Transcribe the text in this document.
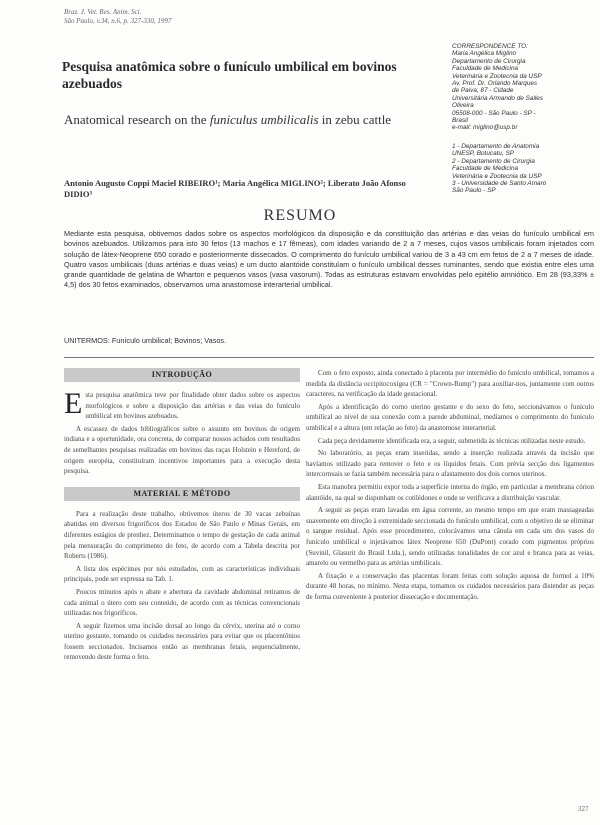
Braz. J. Vet. Res. Anim. Sci.
São Paulo, v.34, n.6, p. 327-330, 1997
Pesquisa anatômica sobre o funículo umbilical em bovinos azebuados
Anatomical research on the funiculus umbilicalis in zebu cattle
CORRESPONDENCE TO:
Maria Angélica Miglino
Departamento de Cirurgia
Faculdade de Medicina
Veterinária e Zootecnia da USP
Av. Prof. Dr. Orlando Marques
de Paiva, 87 - Cidade
Universitária Armando de Salles
Oliveira
05508-000 - São Paulo - SP -
Brasil
e-mail: miglino@usp.br
1 - Departamento de Anatomia
UNESP, Botucatu, SP
2 - Departamento de Cirurgia
Faculdade de Medicina
Veterinária e Zootecnia da USP
3 - Universidade de Santo Amaro
São Paulo - SP
Antonio Augusto Coppi Maciel RIBEIRO¹; Maria Angélica MIGLINO²; Liberato João Afonso DIDIO³
RESUMO
Mediante esta pesquisa, obtivemos dados sobre os aspectos morfológicos da disposição e da constituição das artérias e das veias do funículo umbilical em bovinos azebuados. Utilizamos para isto 30 fetos (13 machos e 17 fêmeas), com idades variando de 2 a 7 meses, cujos vasos umbilicais foram injetados com solução de látex-Neoprene 650 corado e posteriormente dissecados. O comprimento do funículo umbilical variou de 3 a 43 cm em fetos de 2 a 7 meses de idade. Quatro vasos umbilicais (duas artérias e duas veias) e um ducto alantóide constituíam o funículo umbilical desses ruminantes, sendo que existia entre eles uma grande quantidade de gelatina de Wharton e pequenos vasos (vasa vasorum). Todas as estruturas estavam envolvidas pelo epitélio amniótico. Em 28 (93,33% ± 4,5) dos 30 fetos examinados, observamos uma anastomose interarterial umbilical.
UNITERMOS: Funículo umbilical; Bovinos; Vasos.
INTRODUÇÃO

Esta pesquisa anatômica teve por finalidade obter dados sobre os aspectos morfológicos e sobre a disposição das artérias e das veias do funículo umbilical em bovinos azebuados.

A escassez de dados bibliográficos sobre o assunto em bovinos de origem indiana e a oportunidade, ora concreta, de comparar nossos achados com resultados de semelhantes pesquisas realizadas em bovinos das raças Holstein e Hereford, de origem européia, constituíram incentivos importantes para a execução desta pesquisa.

MATERIAL E MÉTODO

Para a realização deste trabalho, obtivemos úteros de 30 vacas zebuínas abatidas em diversos frigoríficos dos Estados de São Paulo e Minas Gerais, em diferentes estágios de prenhez. Determinamos o tempo de gestação de cada animal pela mensuração do comprimento do feto, de acordo com a Tabela descrita por Roberts (1986).

A lista dos espécimes por nós estudados, com as características individuais principais, pode ser expressa na Tab. 1.

Poucos minutos após o abate e abertura da cavidade abdominal retiramos de cada animal o útero com seu conteúdo, de acordo com as técnicas convencionais utilizadas nos frigoríficos.

A seguir fizemos uma incisão dorsal ao longo da cérvix, uterina até o corno uterino gestante, tomando os cuidados necessários para evitar que os placentônios fossem seccionados. Incisamos então as membranas fetais, sequencialmente, removendo deste forma o feto.

Com o feto exposto, ainda conectado à placenta por intermédio do funículo umbilical, tomamos a medida da distância occipitocoxígea (CR = "Crown-Rump") para auxiliar-nos, juntamente com outros caracteres, na verificação da idade gestacional.

Após a identificação do corno uterino gestante e do sexo do feto, seccionávamos o funículo umbilical ao nível de sua conexão com a parede abdominal, medíamos o comprimento do funículo umbilical e a altura (em relação ao feto) da anastomose interarterial.

Cada peça devidamente identificada era, a seguir, submetida às técnicas utilizadas neste estudo.

No laboratório, as peças eram inseridas, sendo a inserção realizada através da incisão que havíamos utilizado para remover o feto e os líquidos fetais. Com prévia secção dos ligamentos intercornuais se fazia também necessária para o afastamento dos dois cornos uterinos.

Esta manobra permitiu expor toda a superfície interna do órgão, em particular a membrana córion alantóide, na qual se dispunham os cotilédones e onde se verificava a distribuição vascular.

A seguir as peças eram lavadas em água corrente, ao mesmo tempo em que eram massageadas suavemente em direção à extremidade seccionada do funículo umbilical, com o objetivo de se eliminar o sangue residual. Após esse procedimento, colocávamos uma cânula em cada um dos vasos do funículo umbilical e injetávamos látex Neoprene 650 (DuPont) corado com pigmentos próprios (Suvinil, Glasurit do Brasil Ltda.), sendo utilizadas tonalidades de cor azul e branca para as veias, amarelo ou vermelho para as artérias umbilicais.

A fixação e a conservação das placentas foram feitas com solução aquosa de formol a 10% durante 48 horas, no mínimo. Nesta etapa, tomamos os cuidados necessários para distender as peças de forma conveniente à posterior dissecação e documentação.

327
